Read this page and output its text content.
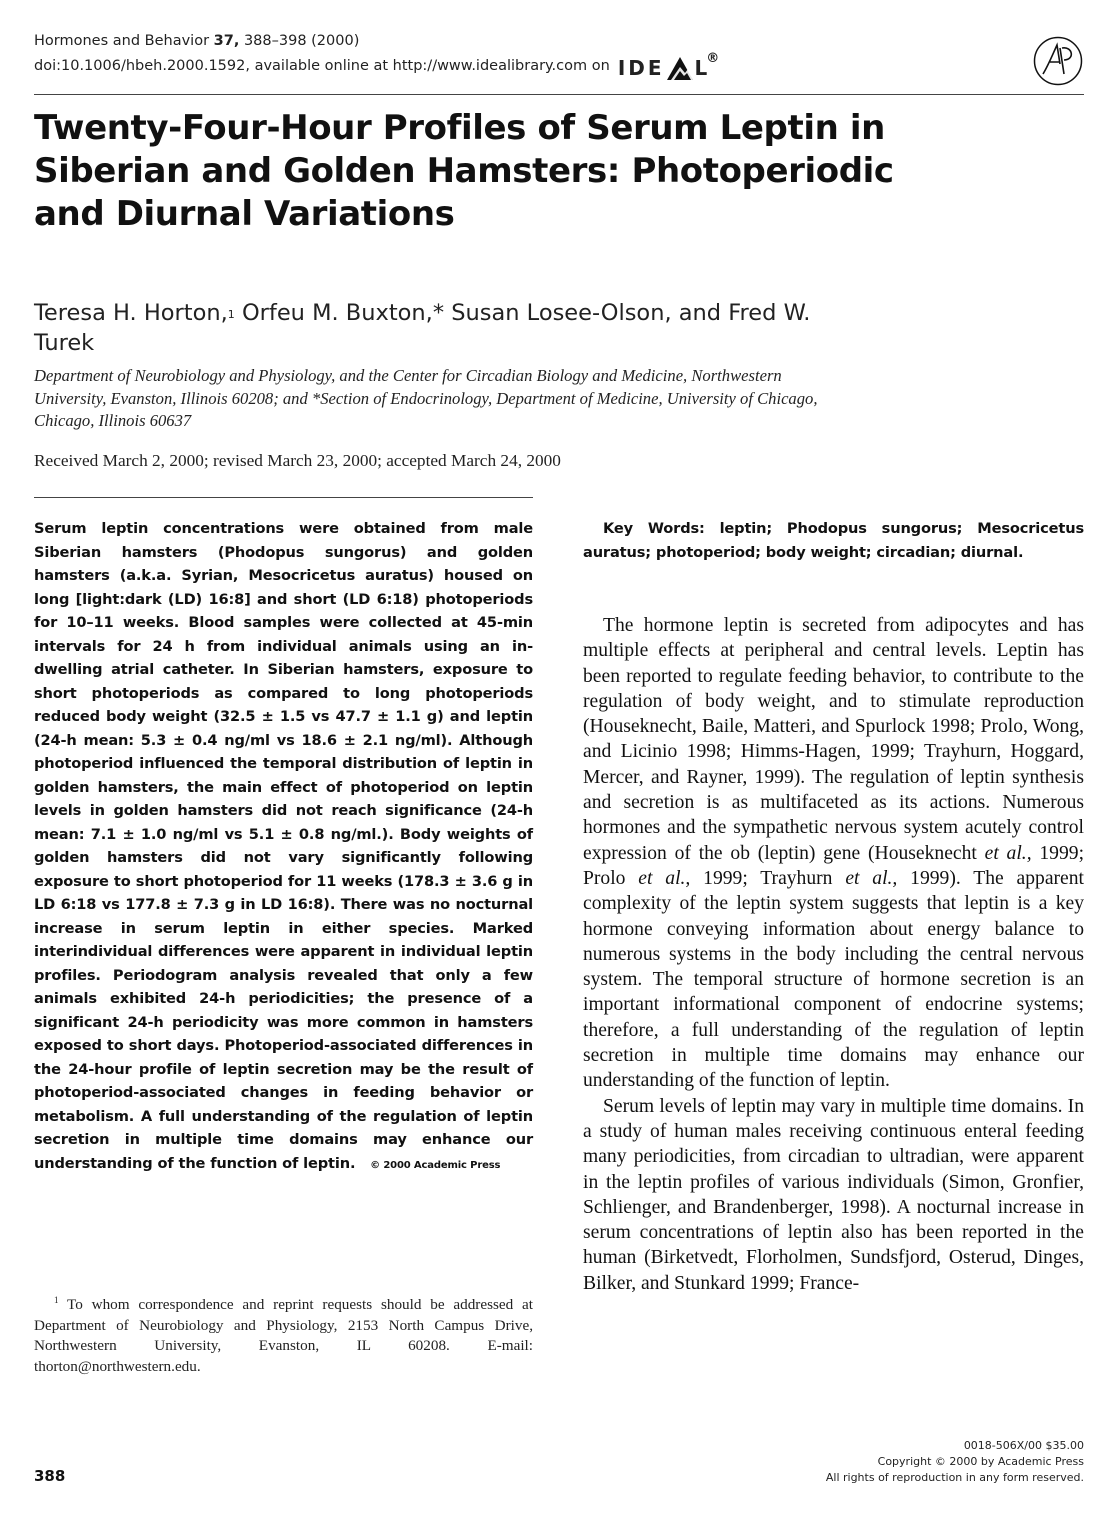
Hormones and Behavior 37, 388–398 (2000)
doi:10.1006/hbeh.2000.1592, available online at http://www.idealibrary.com on IDE L
®
Twenty-Four-Hour Profiles of Serum Leptin in Siberian and Golden Hamsters: Photoperiodic and Diurnal Variations

Teresa H. Horton,$^1$ Orfeu M. Buxton,* Susan Losee-Olson, and Fred W. Turek

Department of Neurobiology and Physiology, and the Center for Circadian Biology and Medicine, Northwestern University, Evanston, Illinois 60208; and *Section of Endocrinology, Department of Medicine, University of Chicago, Chicago, Illinois 60637

Received March 2, 2000; revised March 23, 2000; accepted March 24, 2000

Serum leptin concentrations were obtained from male Siberian hamsters (Phodopus sungorus) and golden hamsters (a.k.a. Syrian, Mesocricetus auratus) housed on long [light:dark (LD) 16:8] and short (LD 6:18) photoperiods for 10–11 weeks. Blood samples were collected at 45-min intervals for 24 h from individual animals using an in-dwelling atrial catheter. In Siberian hamsters, exposure to short photoperiods as compared to long photoperiods reduced body weight (32.5 ± 1.5 vs 47.7 ± 1.1 g) and leptin (24-h mean: 5.3 ± 0.4 ng/ml vs 18.6 ± 2.1 ng/ml). Although photoperiod influenced the temporal distribution of leptin in golden hamsters, the main effect of photoperiod on leptin levels in golden hamsters did not reach significance (24-h mean: 7.1 ± 1.0 ng/ml vs 5.1 ± 0.8 ng/ml.). Body weights of golden hamsters did not vary significantly following exposure to short photoperiod for 11 weeks (178.3 ± 3.6 g in LD 6:18 vs 177.8 ± 7.3 g in LD 16:8). There was no nocturnal increase in serum leptin in either species. Marked interindividual differences were apparent in individual leptin profiles. Periodogram analysis revealed that only a few animals exhibited 24-h periodicities; the presence of a significant 24-h periodicity was more common in hamsters exposed to short days. Photoperiod-associated differences in the 24-hour profile of leptin secretion may be the result of photoperiod-associated changes in feeding behavior or metabolism. A full understanding of the regulation of leptin secretion in multiple time domains may enhance our understanding of the function of leptin. © 2000 Academic Press

$^1$ To whom correspondence and reprint requests should be addressed at Department of Neurobiology and Physiology, 2153 North Campus Drive, Northwestern University, Evanston, IL 60208. E-mail: thorton@northwestern.edu.

Key Words: leptin; Phodopus sungorus; Mesocricetus auratus; photoperiod; body weight; circadian; diurnal.

The hormone leptin is secreted from adipocytes and has multiple effects at peripheral and central levels. Leptin has been reported to regulate feeding behavior, to contribute to the regulation of body weight, and to stimulate reproduction (Houseknecht, Baile, Matteri, and Spurlock 1998; Prolo, Wong, and Licinio 1998; Himms-Hagen, 1999; Trayhurn, Hoggard, Mercer, and Rayner, 1999). The regulation of leptin synthesis and secretion is as multifaceted as its actions. Numerous hormones and the sympathetic nervous system acutely control expression of the ob (leptin) gene (Houseknecht et al., 1999; Prolo et al., 1999; Trayhurn et al., 1999). The apparent complexity of the leptin system suggests that leptin is a key hormone conveying information about energy balance to numerous systems in the body including the central nervous system. The temporal structure of hormone secretion is an important informational component of endocrine systems; therefore, a full understanding of the regulation of leptin secretion in multiple time domains may enhance our understanding of the function of leptin.

Serum levels of leptin may vary in multiple time domains. In a study of human males receiving continuous enteral feeding many periodicities, from circadian to ultradian, were apparent in the leptin profiles of various individuals (Simon, Gronfier, Schlienger, and Brandenberger, 1998). A nocturnal increase in serum concentrations of leptin also has been reported in the human (Birketvedt, Florholmen, Sundsfjord, Osterud, Dinges, Bilker, and Stunkard 1999; France-

388
0018-506X/00 $35.00
Copyright © 2000 by Academic Press
All rights of reproduction in any form reserved.
